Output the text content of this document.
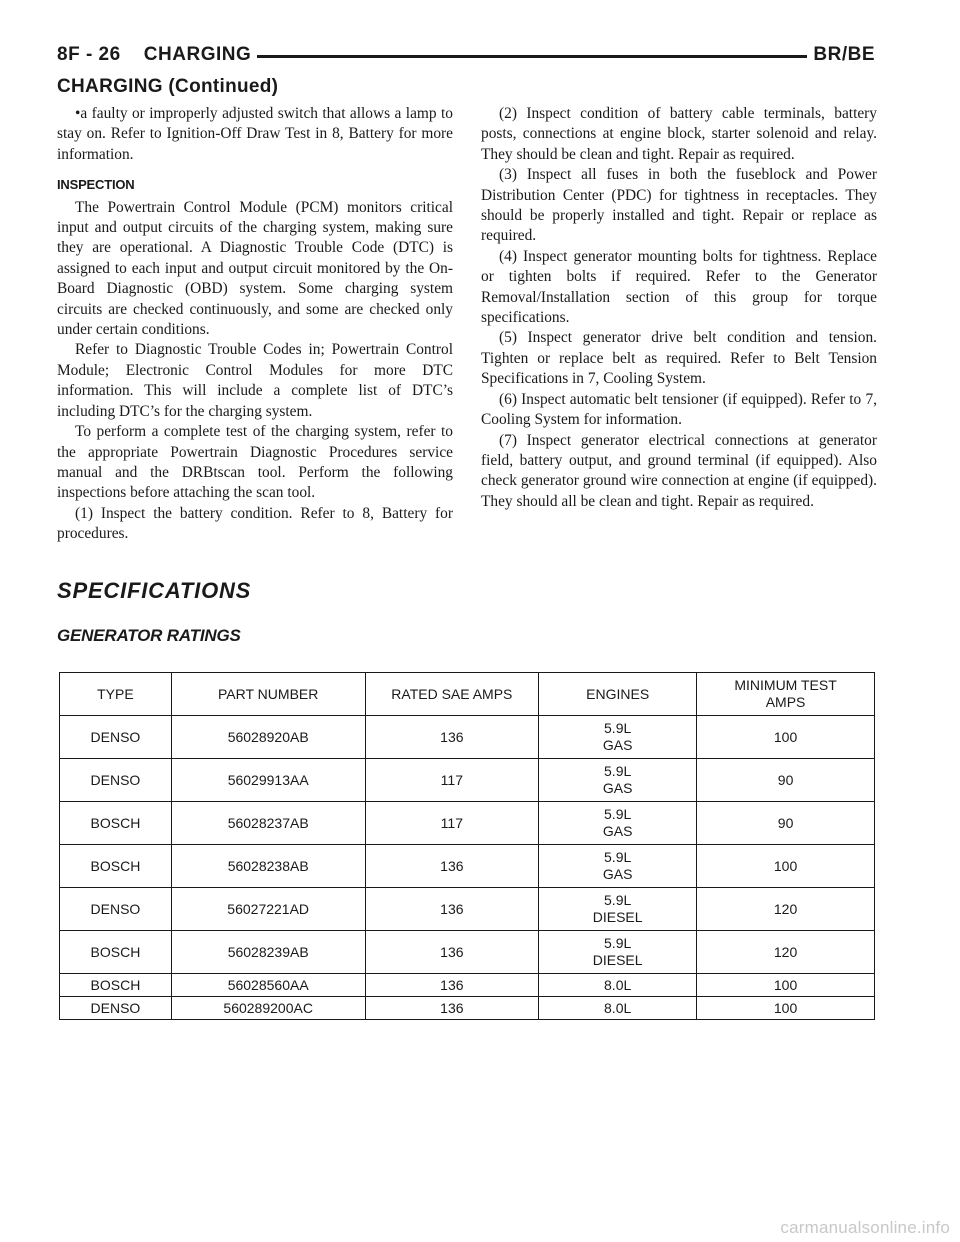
8F - 26    CHARGING	BR/BE
CHARGING (Continued)

•a faulty or improperly adjusted switch that allows a lamp to stay on. Refer to Ignition-Off Draw Test in 8, Battery for more information.

INSPECTION

The Powertrain Control Module (PCM) monitors critical input and output circuits of the charging system, making sure they are operational. A Diagnostic Trouble Code (DTC) is assigned to each input and output circuit monitored by the On-Board Diagnostic (OBD) system. Some charging system circuits are checked continuously, and some are checked only under certain conditions.

Refer to Diagnostic Trouble Codes in; Powertrain Control Module; Electronic Control Modules for more DTC information. This will include a complete list of DTC’s including DTC’s for the charging system.

To perform a complete test of the charging system, refer to the appropriate Powertrain Diagnostic Procedures service manual and the DRBtscan tool. Perform the following inspections before attaching the scan tool.

(1) Inspect the battery condition. Refer to 8, Battery for procedures.

(2) Inspect condition of battery cable terminals, battery posts, connections at engine block, starter solenoid and relay. They should be clean and tight. Repair as required.

(3) Inspect all fuses in both the fuseblock and Power Distribution Center (PDC) for tightness in receptacles. They should be properly installed and tight. Repair or replace as required.

(4) Inspect generator mounting bolts for tightness. Replace or tighten bolts if required. Refer to the Generator Removal/Installation section of this group for torque specifications.

(5) Inspect generator drive belt condition and tension. Tighten or replace belt as required. Refer to Belt Tension Specifications in 7, Cooling System.

(6) Inspect automatic belt tensioner (if equipped). Refer to 7, Cooling System for information.

(7) Inspect generator electrical connections at generator field, battery output, and ground terminal (if equipped). Also check generator ground wire connection at engine (if equipped). They should all be clean and tight. Repair as required.

SPECIFICATIONS
GENERATOR RATINGS
TYPE	PART NUMBER	RATED SAE AMPS	ENGINES	MINIMUM TEST AMPS
DENSO	56028920AB	136	5.9L GAS	100
DENSO	56029913AA	117	5.9L GAS	90
BOSCH	56028237AB	117	5.9L GAS	90
BOSCH	56028238AB	136	5.9L GAS	100
DENSO	56027221AD	136	5.9L DIESEL	120
BOSCH	56028239AB	136	5.9L DIESEL	120
BOSCH	56028560AA	136	8.0L	100
DENSO	560289200AC	136	8.0L	100
carmanualsonline.info
